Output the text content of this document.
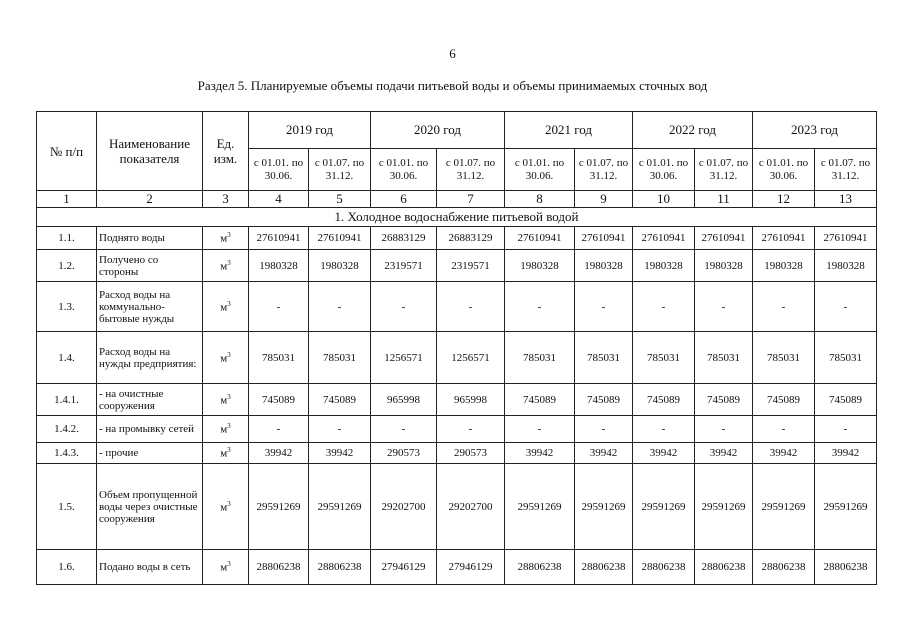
6
Раздел 5. Планируемые объемы подачи питьевой воды и объемы принимаемых сточных вод
№ п/п	Наименование показателя	Ед. изм.	2019 год		2020 год		2021 год		2022 год		2023 год	
			с 01.01. по 30.06.	с 01.07. по 31.12.	с 01.01. по 30.06.	с 01.07. по 31.12.	с 01.01. по 30.06.	с 01.07. по 31.12.	с 01.01. по 30.06.	с 01.07. по 31.12.	с 01.01. по 30.06.	с 01.07. по 31.12.
1	2	3	4	5	6	7	8	9	10	11	12	13
1. Холодное водоснабжение питьевой водой												
1.1.	Поднято воды	$м^3$	27610941	27610941	26883129	26883129	27610941	27610941	27610941	27610941	27610941	27610941
1.2.	Получено со стороны	$м^3$	1980328	1980328	2319571	2319571	1980328	1980328	1980328	1980328	1980328	1980328
1.3.	Расход воды на коммунально-бытовые нужды	$м^3$	-	-	-	-	-	-	-	-	-	-
1.4.	Расход воды на нужды предприятия:	$м^3$	785031	785031	1256571	1256571	785031	785031	785031	785031	785031	785031
1.4.1.	- на очистные сооружения	$м^3$	745089	745089	965998	965998	745089	745089	745089	745089	745089	745089
1.4.2.	- на промывку сетей	$м^3$	-	-	-	-	-	-	-	-	-	-
1.4.3.	- прочие	$м^3$	39942	39942	290573	290573	39942	39942	39942	39942	39942	39942
1.5.	Объем пропущенной воды через очистные сооружения	$м^3$	29591269	29591269	29202700	29202700	29591269	29591269	29591269	29591269	29591269	29591269
1.6.	Подано воды в сеть	$м^3$	28806238	28806238	27946129	27946129	28806238	28806238	28806238	28806238	28806238	28806238
